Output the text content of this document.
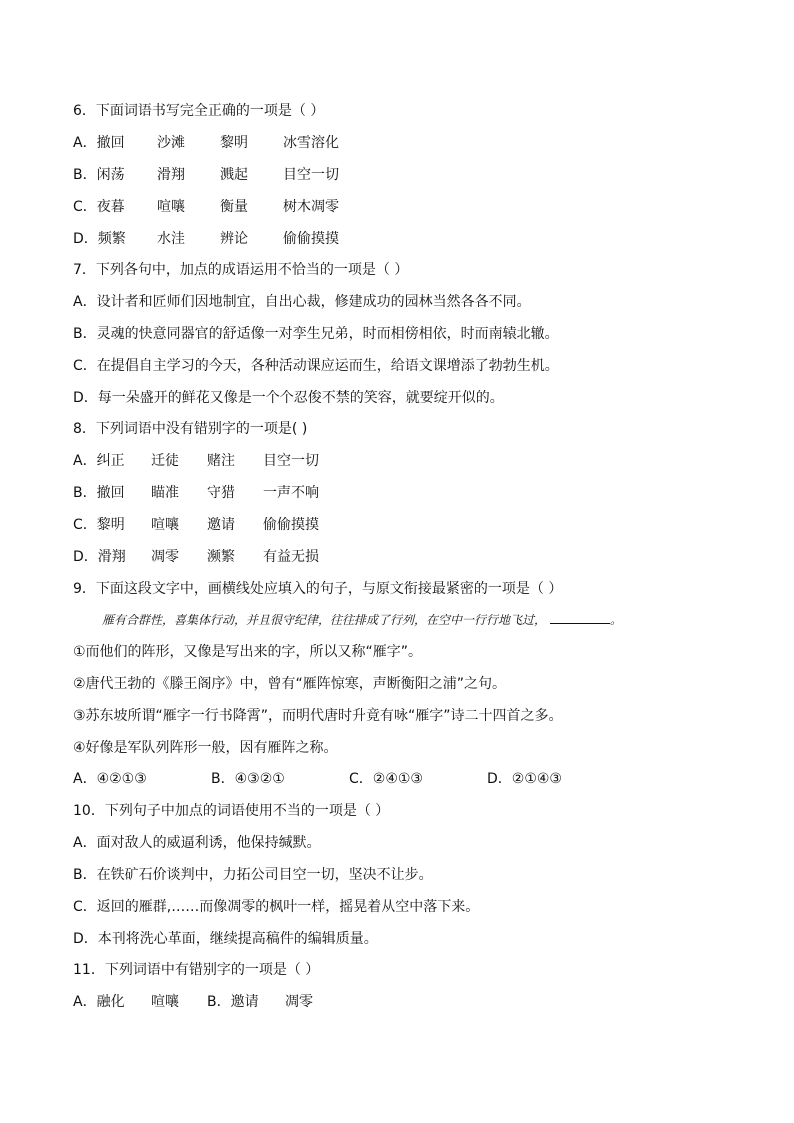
6．下面词语书写完全正确的一项是（ ）
A．撤回 沙滩	黎明	冰雪溶化
B．闲荡 滑翔	溅起	目空一切
C．夜暮 喧嚷	衡量	树木凋零
D．频繁 水洼	辨论	偷偷摸摸
7．下列各句中，加点的成语运用不恰当的一项是（ ）
A．设计者和匠师们因地制宜，自出心裁，修建成功的园林当然各各不同。
B．灵魂的快意同器官的舒适像一对孪生兄弟，时而相傍相依，时而南辕北辙。
C．在提倡自主学习的今天，各种活动课应运而生，给语文课增添了勃勃生机。
D．每一朵盛开的鲜花又像是一个个忍俊不禁的笑容，就要绽开似的。
8．下列词语中没有错别字的一项是( )
A．纠正 迁徒 赌注 目空一切
B．撤回 瞄准 守猎 一声不响
C．黎明 喧嚷 邀请 偷偷摸摸
D．滑翔 凋零 濒繁 有益无损
9．下面这段文字中，画横线处应填入的句子，与原文衔接最紧密的一项是（ ）
雁有合群性，喜集体行动，并且很守纪律，往往排成了行列，在空中一行行地飞过，	。
①而他们的阵形，又像是写出来的字，所以又称“雁字”。
②唐代王勃的《滕王阁序》中，曾有“雁阵惊寒，声断衡阳之浦”之句。
③苏东坡所谓“雁字一行书降霄”，而明代唐时升竟有咏“雁字”诗二十四首之多。
④好像是军队列阵形一般，因有雁阵之称。
A．④②①③	B．④③②①	C．②④①③	D．②①④③
10．下列句子中加点的词语使用不当的一项是（ ）
A．面对敌人的威逼利诱，他保持缄默。
B．在铁矿石价谈判中，力拓公司目空一切，坚决不让步。
C．返回的雁群,……而像凋零的枫叶一样，摇晃着从空中落下来。
D．本刊将洗心革面，继续提高稿件的编辑质量。
11．下列词语中有错别字的一项是（ ）
A．融化 喧嚷 B．邀请 凋零
